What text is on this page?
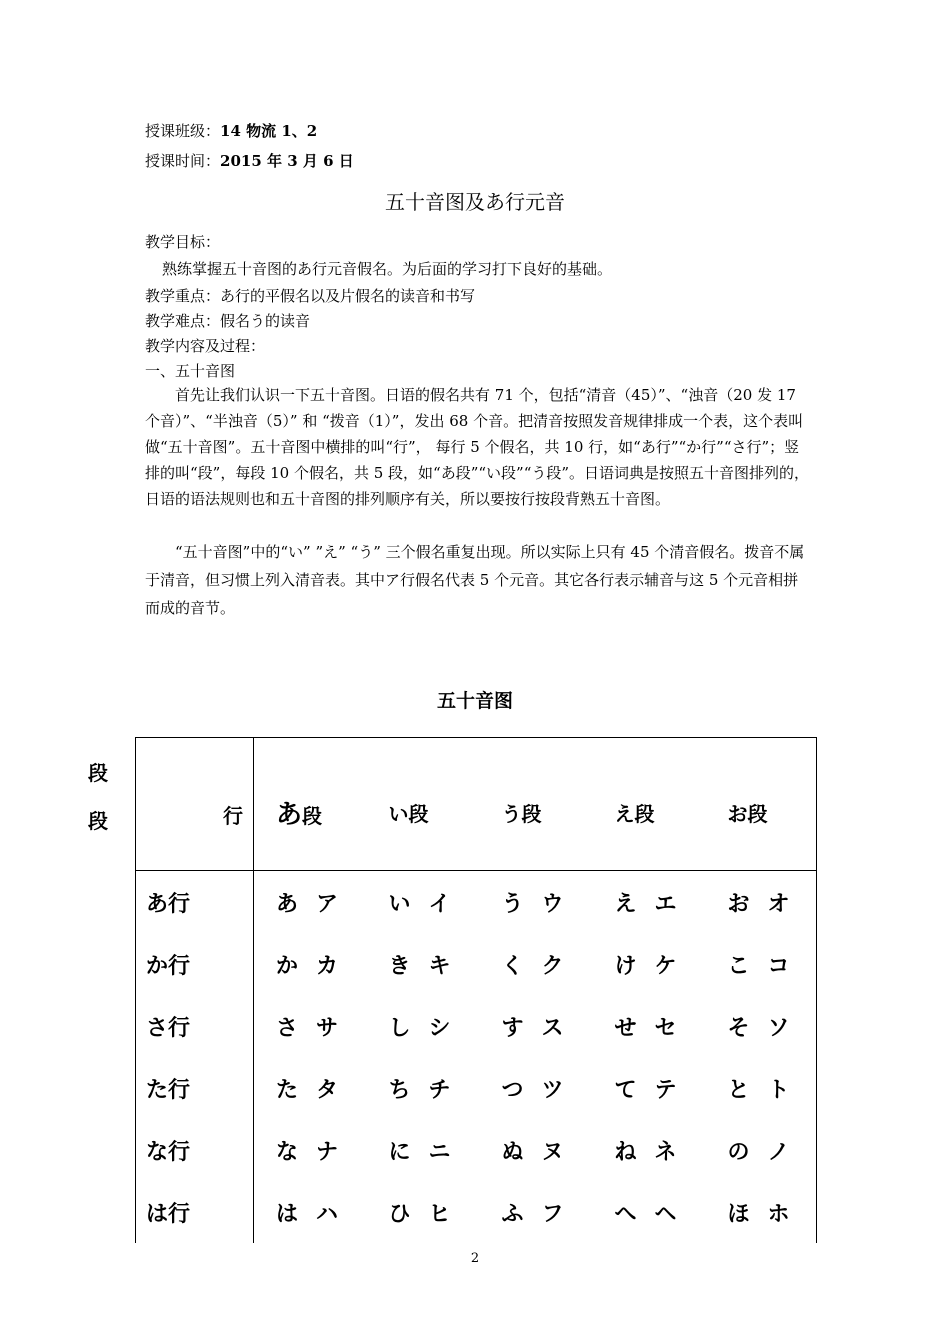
授课班级：14 物流 1、2
授课时间：2015 年 3 月 6 日
五十音图及あ行元音
教学目标：
熟练掌握五十音图的あ行元音假名。为后面的学习打下良好的基础。
教学重点：あ行的平假名以及片假名的读音和书写
教学难点：假名う的读音
教学内容及过程：
一、五十音图
首先让我们认识一下五十音图。日语的假名共有 71 个，包括“清音（45）”、“浊音（20 发 17 个音）”、“半浊音（5）” 和 “拨音（1）”，发出 68 个音。把清音按照发音规律排成一个表，这个表叫做“五十音图”。五十音图中横排的叫“行”， 每行 5 个假名，共 10 行，如“あ行”“か行”“さ行”；竖排的叫“段”，每段 10 个假名，共 5 段，如“あ段”“い段”“う段”。日语词典是按照五十音图排列的，日语的语法规则也和五十音图的排列顺序有关，所以要按行按段背熟五十音图。
“五十音图”中的“い” ”え” “う” 三个假名重复出现。所以实际上只有 45 个清音假名。拨音不属于清音，但习惯上列入清音表。其中ア行假名代表 5 个元音。其它各行表示辅音与这 5 个元音相拼而成的音节。
五十音图
段
段	行	あ段	い段	う段	え段	お段
あ行	あ ア	い イ	う ウ	え エ	お オ
か行	か カ	き キ	く ク	け ケ	こ コ
さ行	さ サ	し シ	す ス	せ セ	そ ソ
た行	た タ	ち チ	つ ツ	て テ	と ト
な行	な ナ	に ニ	ぬ ヌ	ね ネ	の ノ
は行	は ハ	ひ ヒ	ふ フ	へ ヘ	ほ ホ
2
